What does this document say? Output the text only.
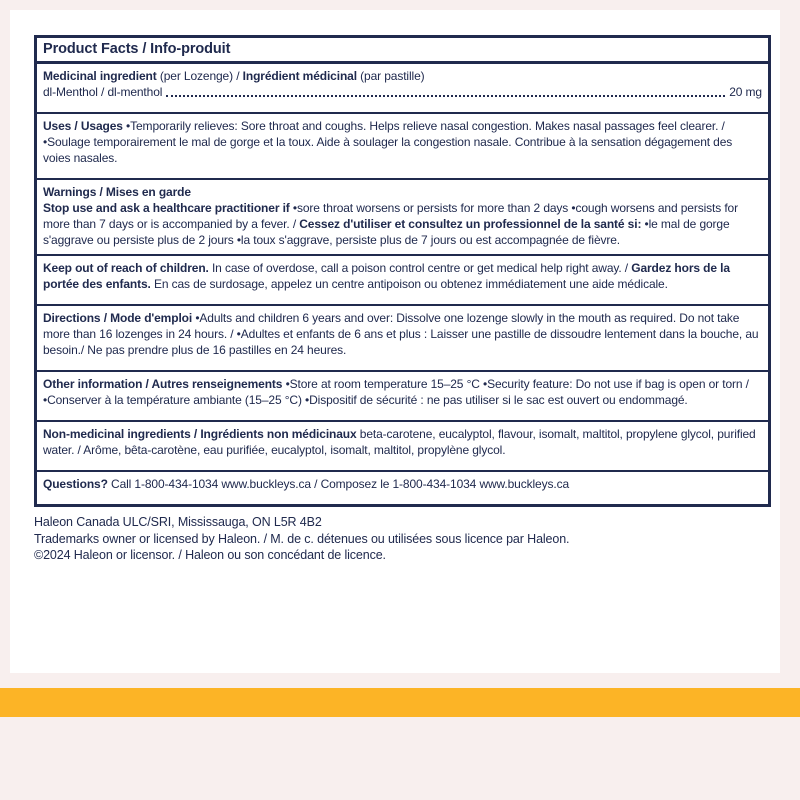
Product Facts / Info-produit
Medicinal ingredient (per Lozenge) / Ingrédient médicinal (par pastille)
dl-Menthol / dl-menthol	20 mg
Uses / Usages •Temporarily relieves: Sore throat and coughs. Helps relieve nasal congestion. Makes nasal passages feel clearer. / •Soulage temporairement le mal de gorge et la toux. Aide à soulager la congestion nasale. Contribue à la sensation dégagement des voies nasales.
Warnings / Mises en garde
Stop use and ask a healthcare practitioner if •sore throat worsens or persists for more than 2 days •cough worsens and persists for more than 7 days or is accompanied by a fever. / Cessez d'utiliser et consultez un professionnel de la santé si: •le mal de gorge s'aggrave ou persiste plus de 2 jours •la toux s'aggrave, persiste plus de 7 jours ou est accompagnée de fièvre.
Keep out of reach of children. In case of overdose, call a poison control centre or get medical help right away. / Gardez hors de la portée des enfants. En cas de surdosage, appelez un centre antipoison ou obtenez immédiatement une aide médicale.
Directions / Mode d'emploi •Adults and children 6 years and over: Dissolve one lozenge slowly in the mouth as required. Do not take more than 16 lozenges in 24 hours. / •Adultes et enfants de 6 ans et plus : Laisser une pastille de dissoudre lentement dans la bouche, au besoin./ Ne pas prendre plus de 16 pastilles en 24 heures.
Other information / Autres renseignements •Store at room temperature 15–25 °C •Security feature: Do not use if bag is open or torn / •Conserver à la température ambiante (15–25 °C) •Dispositif de sécurité : ne pas utiliser si le sac est ouvert ou endommagé.
Non-medicinal ingredients / Ingrédients non médicinaux beta-carotene, eucalyptol, flavour, isomalt, maltitol, propylene glycol, purified water. / Arôme, bêta-carotène, eau purifiée, eucalyptol, isomalt, maltitol, propylène glycol.
Questions? Call 1-800-434-1034 www.buckleys.ca / Composez le 1-800-434-1034 www.buckleys.ca
Haleon Canada ULC/SRI, Mississauga, ON L5R 4B2
Trademarks owner or licensed by Haleon. / M. de c. détenues ou utilisées sous licence par Haleon.
©2024 Haleon or licensor. / Haleon ou son concédant de licence.
